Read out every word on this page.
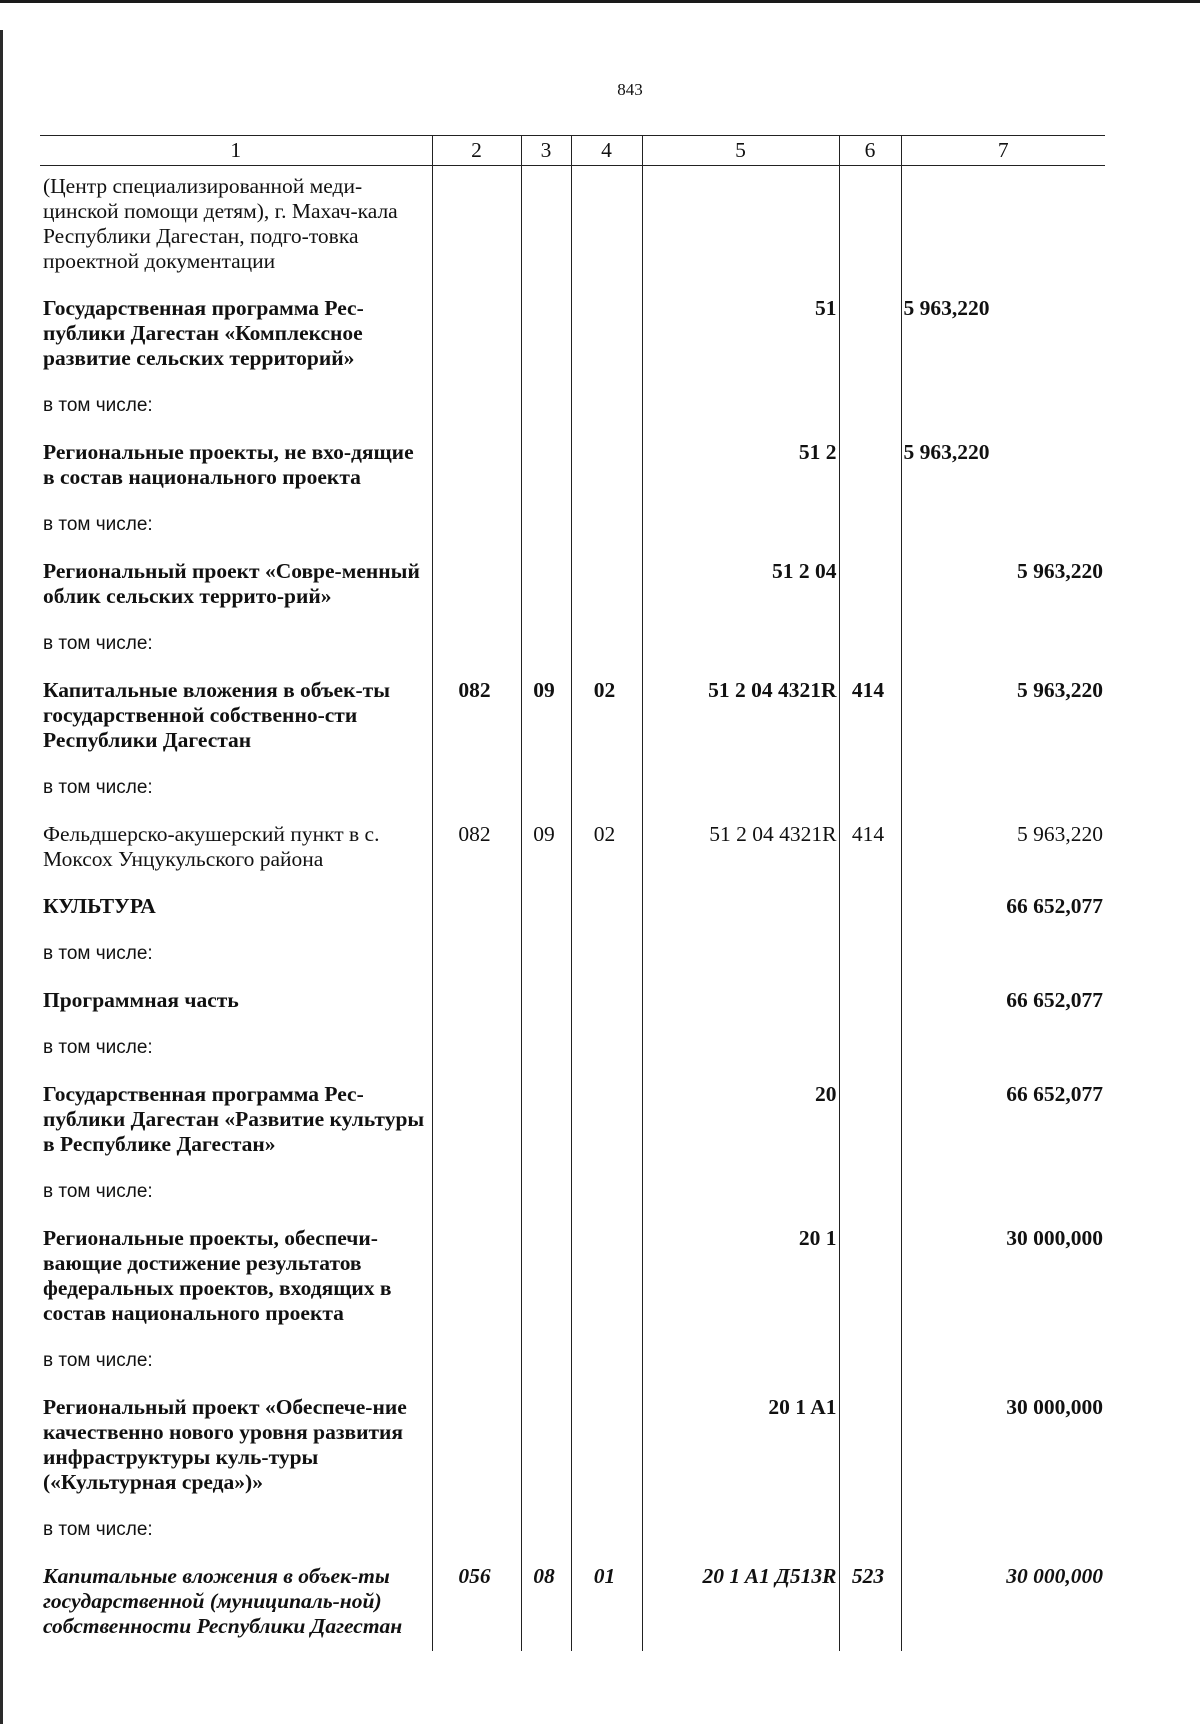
843
1	2	3	4	5	6	7
(Центр специализированной меди-цинской помощи детям), г. Махач-кала Республики Дагестан, подго-товка проектной документации						
Государственная программа Рес-публики Дагестан «Комплексное развитие сельских территорий»				51		5 963,220
в том числе:						
Региональные проекты, не вхо-дящие в состав национального проекта				51 2		5 963,220
в том числе:						
Региональный проект «Совре-менный облик сельских террито-рий»				51 2 04		5 963,220
в том числе:						
Капитальные вложения в объек-ты государственной собственно-сти Республики Дагестан	082	09	02	51 2 04 4321R	414	5 963,220
в том числе:						
Фельдшерско-акушерский пункт в с. Моксох Унцукульского района	082	09	02	51 2 04 4321R	414	5 963,220
КУЛЬТУРА						66 652,077
в том числе:						
Программная часть						66 652,077
в том числе:						
Государственная программа Рес-публики Дагестан «Развитие культуры в Республике Дагестан»				20		66 652,077
в том числе:						
Региональные проекты, обеспечи-вающие достижение результатов федеральных проектов, входящих в состав национального проекта				20 1		30 000,000
в том числе:						
Региональный проект «Обеспече-ние качественно нового уровня развития инфраструктуры куль-туры («Культурная среда»)»				20 1 A1		30 000,000
в том числе:						
Капитальные вложения в объек-ты государственной (муниципаль-ной) собственности Республики Дагестан	056	08	01	20 1 A1 Д513R	523	30 000,000
